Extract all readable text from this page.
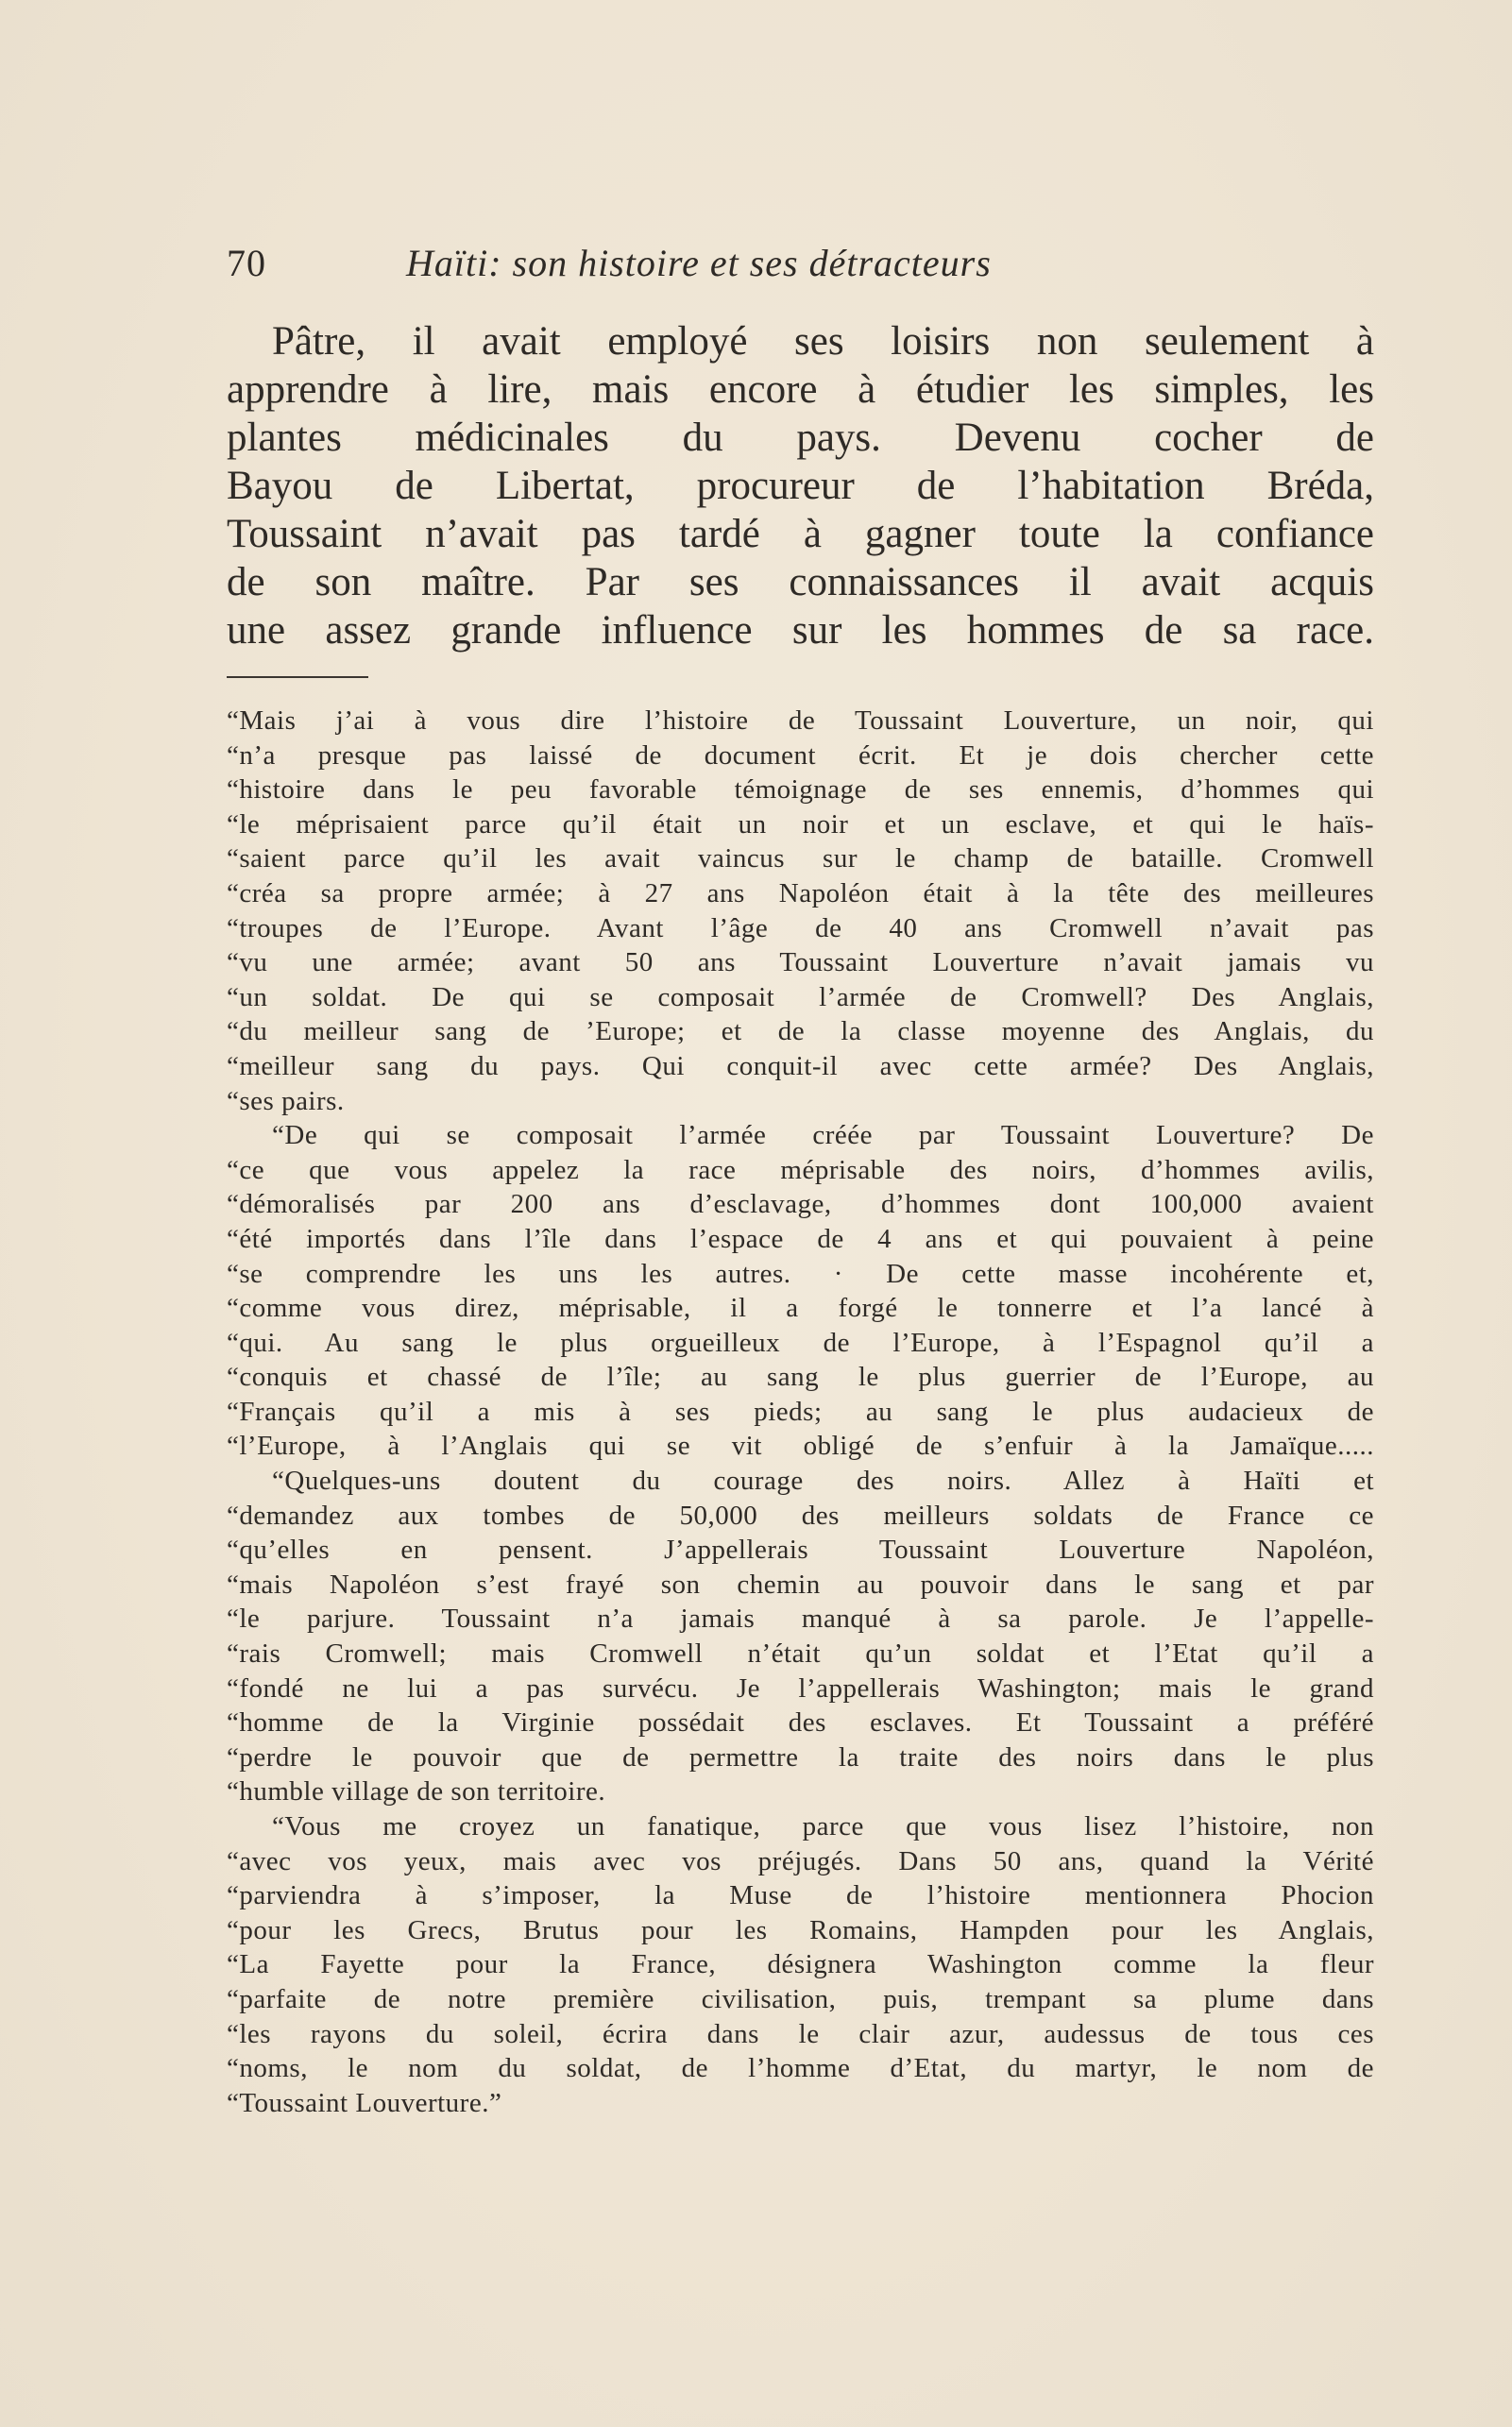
70	Haïti: son histoire et ses détracteurs
Pâtre, il avait employé ses loisirs non seulement à
apprendre à lire, mais encore à étudier les simples, les
plantes médicinales du pays. Devenu cocher de
Bayou de Libertat, procureur de l’habitation Bréda,
Toussaint n’avait pas tardé à gagner toute la confiance
de son maître. Par ses connaissances il avait acquis
une assez grande influence sur les hommes de sa race.
“Mais j’ai à vous dire l’histoire de Toussaint Louverture, un noir, qui
“n’a presque pas laissé de document écrit. Et je dois chercher cette
“histoire dans le peu favorable témoignage de ses ennemis, d’hommes qui
“le méprisaient parce qu’il était un noir et un esclave, et qui le haïs-
“saient parce qu’il les avait vaincus sur le champ de bataille. Cromwell
“créa sa propre armée; à 27 ans Napoléon était à la tête des meilleures
“troupes de l’Europe. Avant l’âge de 40 ans Cromwell n’avait pas
“vu une armée; avant 50 ans Toussaint Louverture n’avait jamais vu
“un soldat. De qui se composait l’armée de Cromwell? Des Anglais,
“du meilleur sang de ’Europe; et de la classe moyenne des Anglais, du
“meilleur sang du pays. Qui conquit-il avec cette armée? Des Anglais,
“ses pairs.
“De qui se composait l’armée créée par Toussaint Louverture? De
“ce que vous appelez la race méprisable des noirs, d’hommes avilis,
“démoralisés par 200 ans d’esclavage, d’hommes dont 100,000 avaient
“été importés dans l’île dans l’espace de 4 ans et qui pouvaient à peine
“se comprendre les uns les autres. · De cette masse incohérente et,
“comme vous direz, méprisable, il a forgé le tonnerre et l’a lancé à
“qui. Au sang le plus orgueilleux de l’Europe, à l’Espagnol qu’il a
“conquis et chassé de l’île; au sang le plus guerrier de l’Europe, au
“Français qu’il a mis à ses pieds; au sang le plus audacieux de
“l’Europe, à l’Anglais qui se vit obligé de s’enfuir à la Jamaïque.....
“Quelques-uns doutent du courage des noirs. Allez à Haïti et
“demandez aux tombes de 50,000 des meilleurs soldats de France ce
“qu’elles en pensent. J’appellerais Toussaint Louverture Napoléon,
“mais Napoléon s’est frayé son chemin au pouvoir dans le sang et par
“le parjure. Toussaint n’a jamais manqué à sa parole. Je l’appelle-
“rais Cromwell; mais Cromwell n’était qu’un soldat et l’Etat qu’il a
“fondé ne lui a pas survécu. Je l’appellerais Washington; mais le grand
“homme de la Virginie possédait des esclaves. Et Toussaint a préféré
“perdre le pouvoir que de permettre la traite des noirs dans le plus
“humble village de son territoire.
“Vous me croyez un fanatique, parce que vous lisez l’histoire, non
“avec vos yeux, mais avec vos préjugés. Dans 50 ans, quand la Vérité
“parviendra à s’imposer, la Muse de l’histoire mentionnera Phocion
“pour les Grecs, Brutus pour les Romains, Hampden pour les Anglais,
“La Fayette pour la France, désignera Washington comme la fleur
“parfaite de notre première civilisation, puis, trempant sa plume dans
“les rayons du soleil, écrira dans le clair azur, audessus de tous ces
“noms, le nom du soldat, de l’homme d’Etat, du martyr, le nom de
“Toussaint Louverture.”
